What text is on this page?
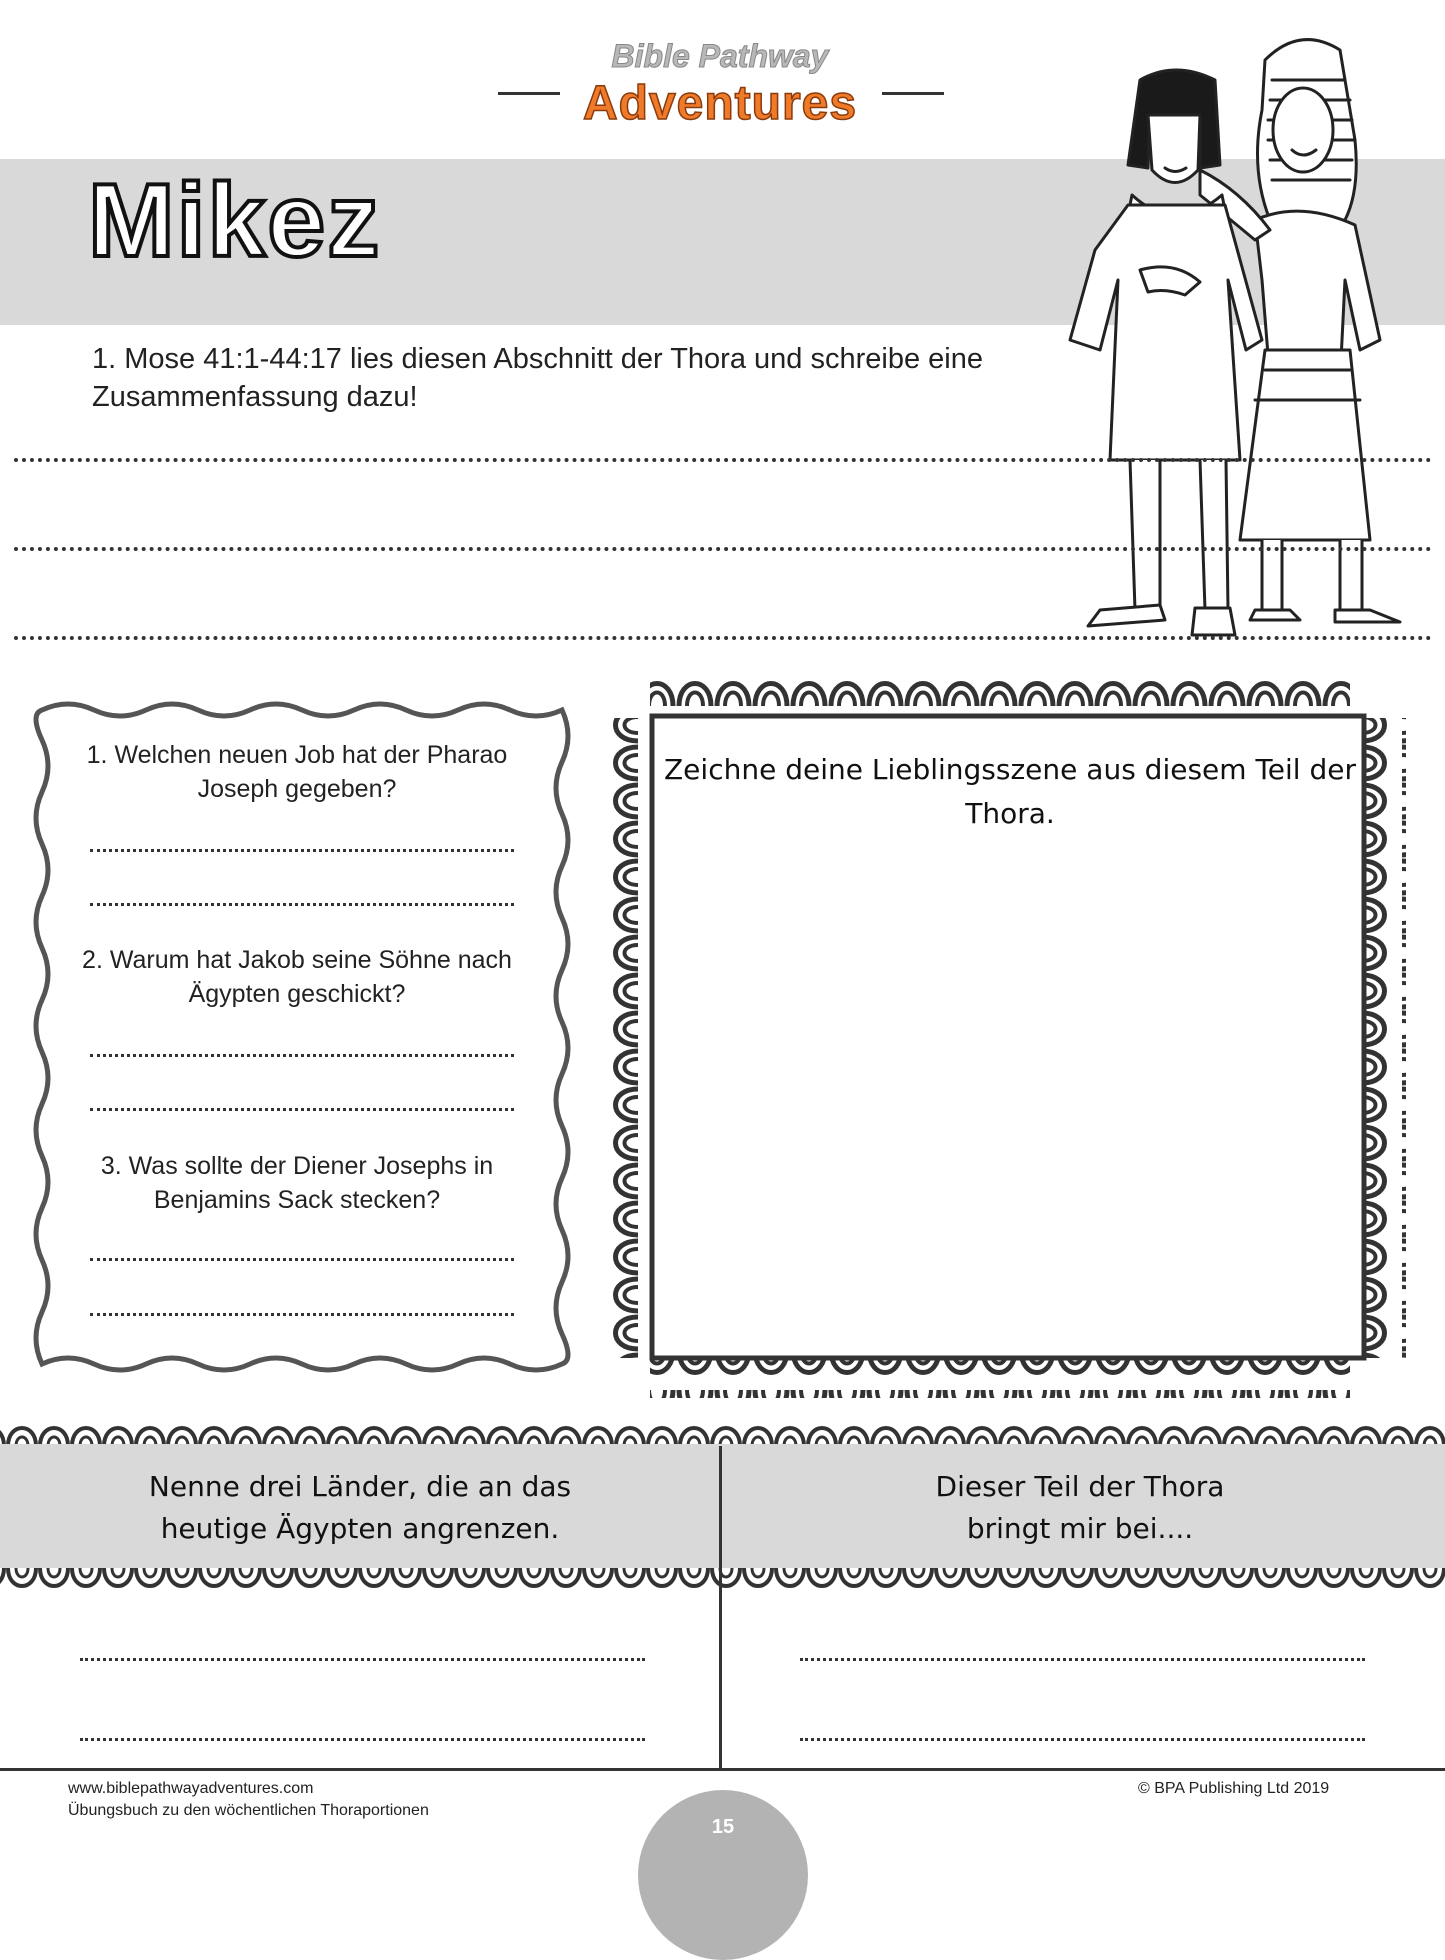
Bible Pathway
Adventures
Mikez
1. Mose 41:1-44:17 lies diesen Abschnitt der Thora und schreibe eine Zusammenfassung dazu!
1. Welchen neuen Job hat der Pharao Joseph gegeben?
2. Warum hat Jakob seine Söhne nach Ägypten geschickt?
3. Was sollte der Diener Josephs in Benjamins Sack stecken?
Zeichne deine Lieblingsszene aus diesem Teil der Thora.
Nenne drei Länder, die an das heutige Ägypten angrenzen.
Dieser Teil der Thora bringt mir bei....
www.biblepathwayadventures.com
Übungsbuch zu den wöchentlichen Thoraportionen
© BPA Publishing Ltd 2019
15
